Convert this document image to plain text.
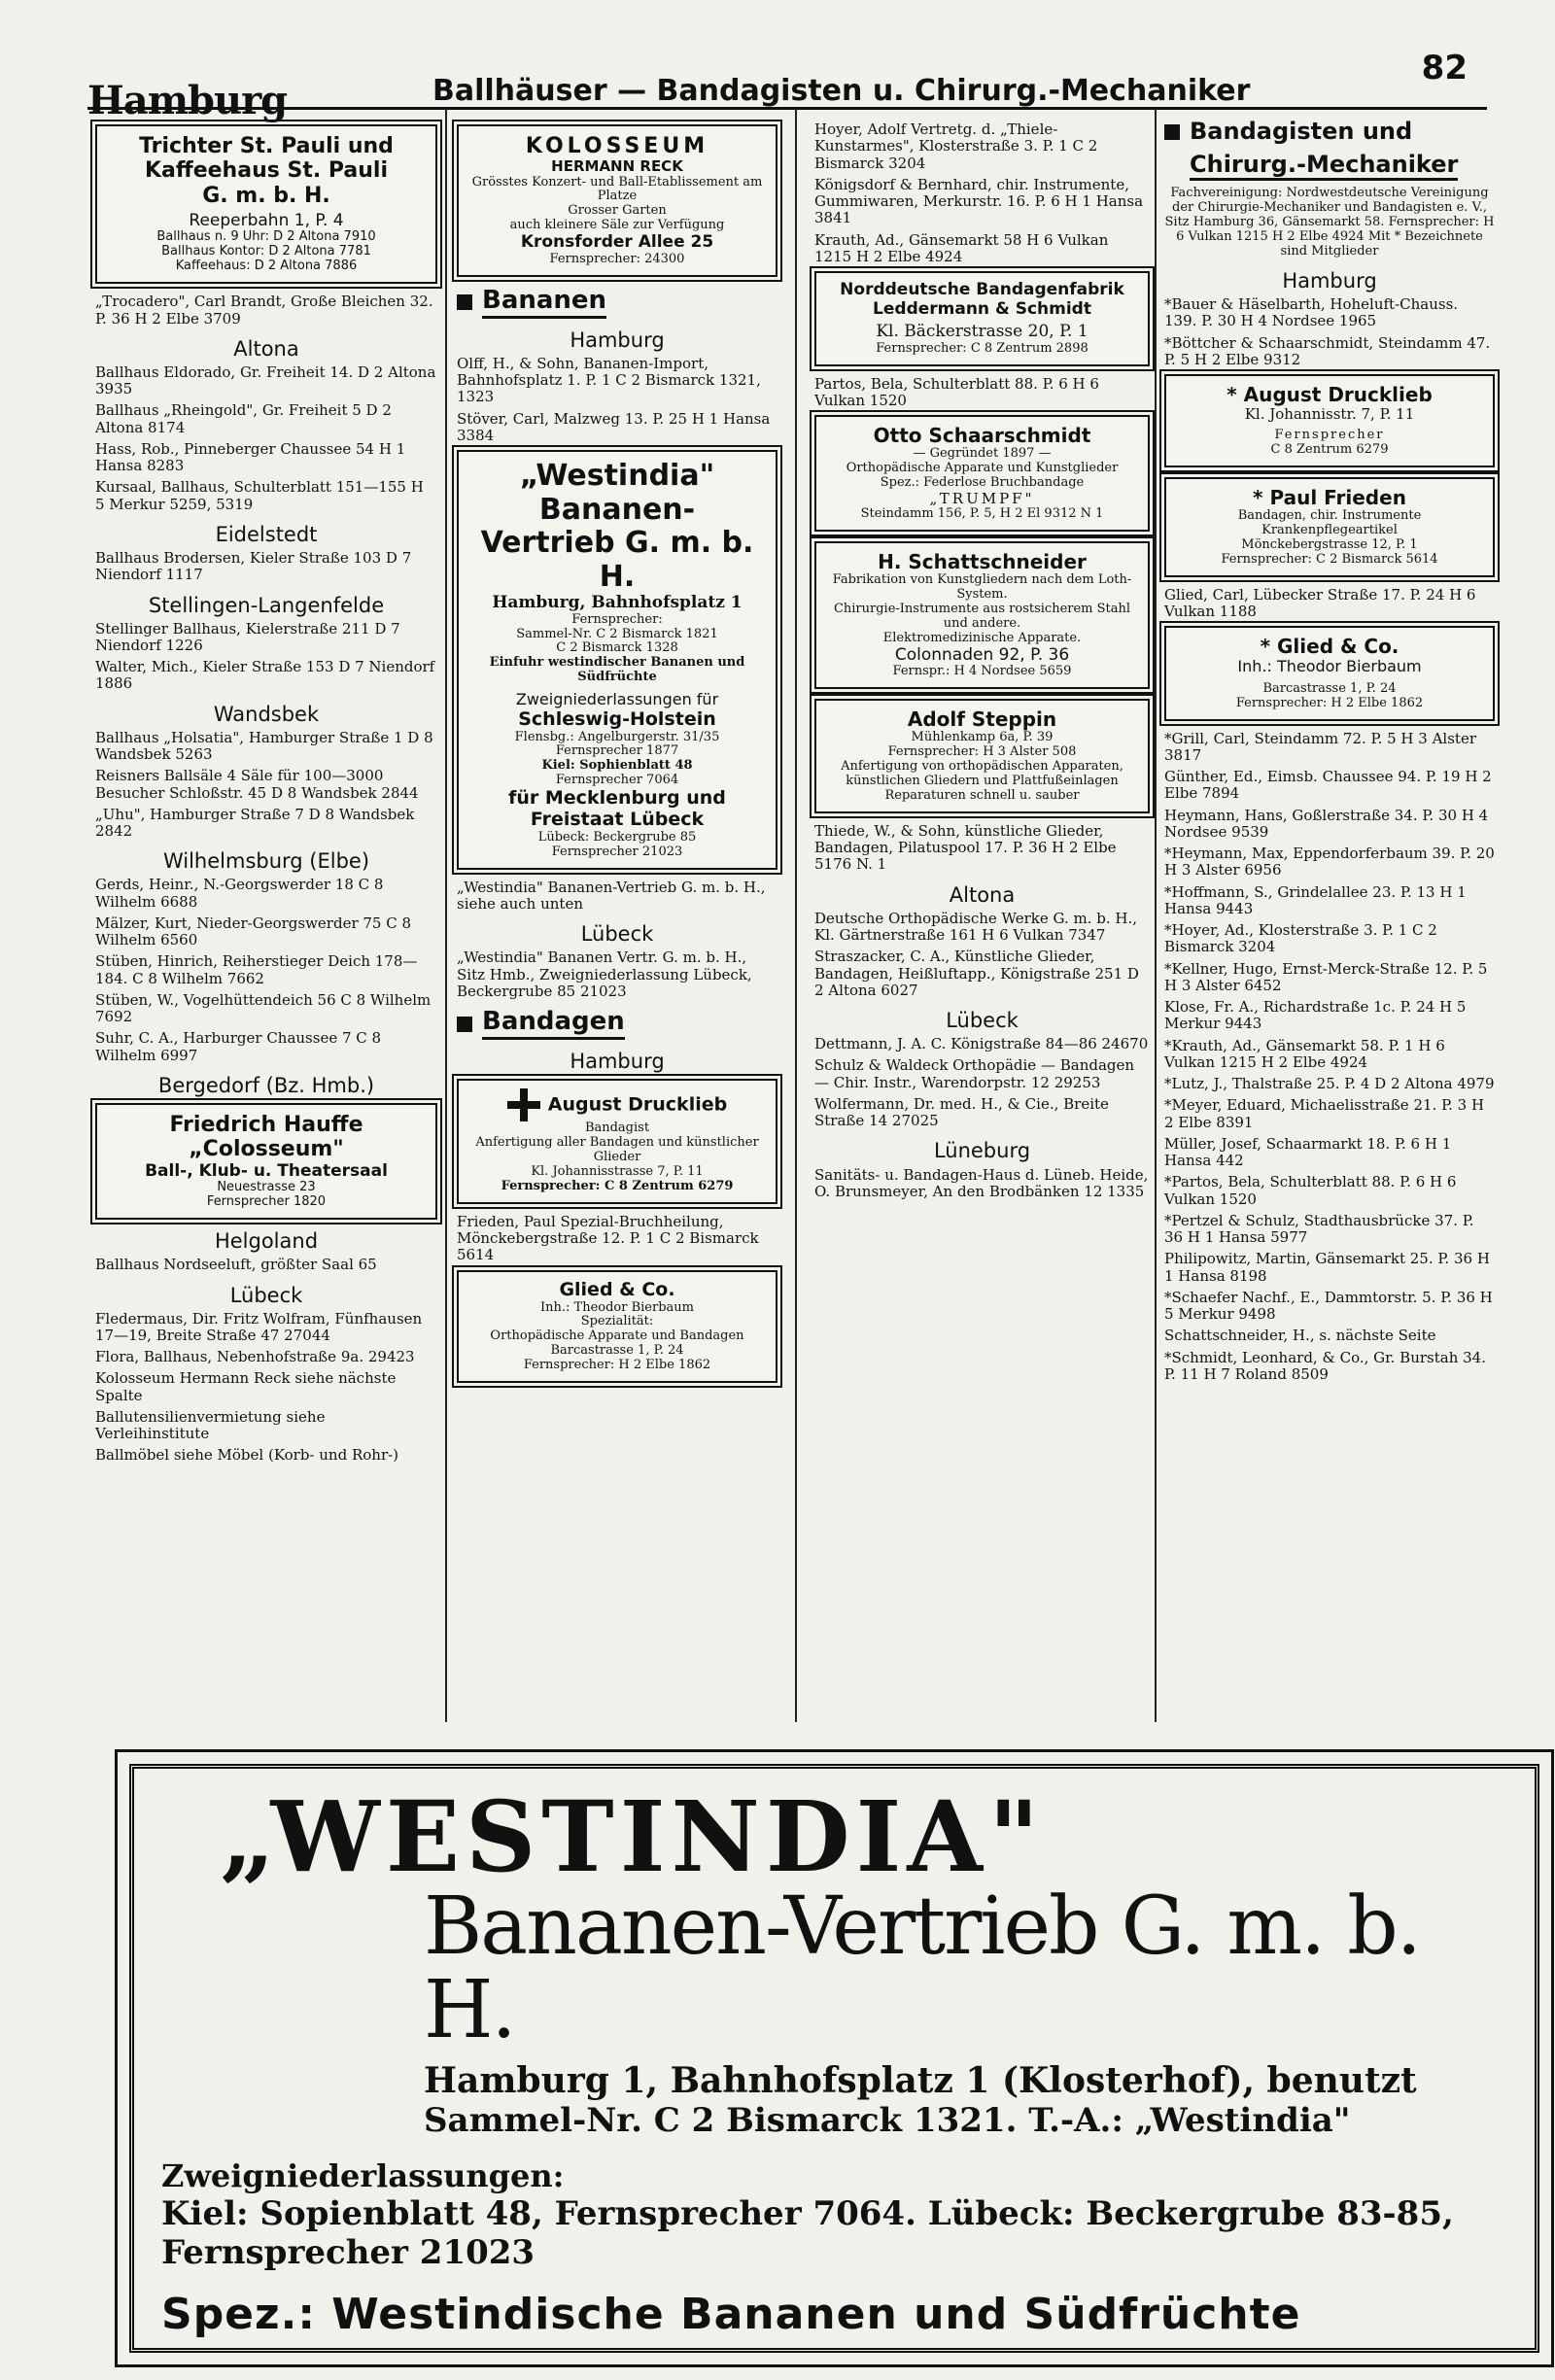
Hamburg	Ballhäuser — Bandagisten u. Chirurg.-Mechaniker
82
Trichter St. Pauli und
Kaffeehaus St. Pauli
G. m. b. H.
Reeperbahn 1, P. 4
Ballhaus n. 9 Uhr: D 2 Altona 7910
Ballhaus Kontor: D 2 Altona 7781
Kaffeehaus: D 2 Altona 7886
„Trocadero", Carl Brandt, Große Bleichen 32. P. 36 H 2 Elbe 3709
Altona
Ballhaus Eldorado, Gr. Freiheit 14. D 2 Altona 3935
Ballhaus „Rheingold", Gr. Freiheit 5 D 2 Altona 8174
Hass, Rob., Pinneberger Chaussee 54 H 1 Hansa 8283
Kursaal, Ballhaus, Schulterblatt 151—155 H 5 Merkur 5259, 5319
Eidelstedt
Ballhaus Brodersen, Kieler Straße 103 D 7 Niendorf 1117
Stellingen-Langenfelde
Stellinger Ballhaus, Kielerstraße 211 D 7 Niendorf 1226
Walter, Mich., Kieler Straße 153 D 7 Niendorf 1886
Wandsbek
Ballhaus „Holsatia", Hamburger Straße 1 D 8 Wandsbek 5263
Reisners Ballsäle 4 Säle für 100—3000 Besucher Schloßstr. 45 D 8 Wandsbek 2844
„Uhu", Hamburger Straße 7 D 8 Wandsbek 2842
Wilhelmsburg (Elbe)
Gerds, Heinr., N.-Georgswerder 18 C 8 Wilhelm 6688
Mälzer, Kurt, Nieder-Georgswerder 75 C 8 Wilhelm 6560
Stüben, Hinrich, Reiherstieger Deich 178—184. C 8 Wilhelm 7662
Stüben, W., Vogelhüttendeich 56 C 8 Wilhelm 7692
Suhr, C. A., Harburger Chaussee 7 C 8 Wilhelm 6997
Bergedorf (Bz. Hmb.)
Friedrich Hauffe
„Colosseum"
Ball-, Klub- u. Theatersaal
Neuestrasse 23
Fernsprecher 1820
Helgoland
Ballhaus Nordseeluft, größter Saal 65
Lübeck
Fledermaus, Dir. Fritz Wolfram, Fünfhausen 17—19, Breite Straße 47 27044
Flora, Ballhaus, Nebenhofstraße 9a. 29423
Kolosseum Hermann Reck siehe nächste Spalte
Ballutensilienvermietung siehe Verleihinstitute
Ballmöbel siehe Möbel (Korb- und Rohr-)
KOLOSSEUM
HERMANN RECK
Grösstes Konzert- und Ball-Etablissement am Platze
Grosser Garten
auch kleinere Säle zur Verfügung
Kronsforder Allee 25
Fernsprecher: 24300
Bananen
Hamburg
Olff, H., & Sohn, Bananen-Import, Bahnhofsplatz 1. P. 1 C 2 Bismarck 1321, 1323
Stöver, Carl, Malzweg 13. P. 25 H 1 Hansa 3384
„Westindia" Bananen-
Vertrieb G. m. b. H.
Hamburg, Bahnhofsplatz 1
Fernsprecher:
Sammel-Nr. C 2 Bismarck 1821
C 2 Bismarck 1328
Einfuhr westindischer Bananen und Südfrüchte
Zweigniederlassungen für
Schleswig-Holstein
Flensbg.: Angelburgerstr. 31/35
Fernsprecher 1877
Kiel: Sophienblatt 48
Fernsprecher 7064
für Mecklenburg und Freistaat Lübeck
Lübeck: Beckergrube 85
Fernsprecher 21023
„Westindia" Bananen-Vertrieb G. m. b. H., siehe auch unten
Lübeck
„Westindia" Bananen Vertr. G. m. b. H., Sitz Hmb., Zweigniederlassung Lübeck, Beckergrube 85 21023
Bandagen
Hamburg
August Drucklieb
Bandagist
Anfertigung aller Bandagen und künstlicher Glieder
Kl. Johannisstrasse 7, P. 11
Fernsprecher: C 8 Zentrum 6279
Frieden, Paul Spezial-Bruchheilung, Mönckebergstraße 12. P. 1 C 2 Bismarck 5614
Glied & Co.
Inh.: Theodor Bierbaum
Spezialität:
Orthopädische Apparate und Bandagen
Barcastrasse 1, P. 24
Fernsprecher: H 2 Elbe 1862
Hoyer, Adolf Vertretg. d. „Thiele-Kunstarmes", Klosterstraße 3. P. 1 C 2 Bismarck 3204
Königsdorf & Bernhard, chir. Instrumente, Gummiwaren, Merkurstr. 16. P. 6 H 1 Hansa 3841
Krauth, Ad., Gänsemarkt 58 H 6 Vulkan 1215 H 2 Elbe 4924
Norddeutsche Bandagenfabrik
Leddermann & Schmidt
Kl. Bäckerstrasse 20, P. 1
Fernsprecher: C 8 Zentrum 2898
Partos, Bela, Schulterblatt 88. P. 6 H 6 Vulkan 1520
Otto Schaarschmidt
— Gegründet 1897 —
Orthopädische Apparate und Kunstglieder
Spez.: Federlose Bruchbandage
„TRUMPF"
Steindamm 156, P. 5, H 2 El 9312 N 1
H. Schattschneider
Fabrikation von Kunstgliedern nach dem Loth-System.
Chirurgie-Instrumente aus rostsicherem Stahl und andere.
Elektromedizinische Apparate.
Colonnaden 92, P. 36
Fernspr.: H 4 Nordsee 5659
Adolf Steppin
Mühlenkamp 6a, P. 39
Fernsprecher: H 3 Alster 508
Anfertigung von orthopädischen Apparaten, künstlichen Gliedern und Plattfußeinlagen
Reparaturen schnell u. sauber
Thiede, W., & Sohn, künstliche Glieder, Bandagen, Pilatuspool 17. P. 36 H 2 Elbe 5176 N. 1
Altona
Deutsche Orthopädische Werke G. m. b. H., Kl. Gärtnerstraße 161 H 6 Vulkan 7347
Straszacker, C. A., Künstliche Glieder, Bandagen, Heißluftapp., Königstraße 251 D 2 Altona 6027
Lübeck
Dettmann, J. A. C. Königstraße 84—86 24670
Schulz & Waldeck Orthopädie — Bandagen — Chir. Instr., Warendorpstr. 12 29253
Wolfermann, Dr. med. H., & Cie., Breite Straße 14 27025
Lüneburg
Sanitäts- u. Bandagen-Haus d. Lüneb. Heide, O. Brunsmeyer, An den Brodbänken 12 1335
Bandagisten und
Chirurg.-Mechaniker
Fachvereinigung: Nordwestdeutsche Vereinigung der Chirurgie-Mechaniker und Bandagisten e. V., Sitz Hamburg 36, Gänsemarkt 58. Fernsprecher: H 6 Vulkan 1215 H 2 Elbe 4924 Mit * Bezeichnete sind Mitglieder
Hamburg
*Bauer & Häselbarth, Hoheluft-Chauss. 139. P. 30 H 4 Nordsee 1965
*Böttcher & Schaarschmidt, Steindamm 47. P. 5 H 2 Elbe 9312
* August Drucklieb
Kl. Johannisstr. 7, P. 11
Fernsprecher
C 8 Zentrum 6279
* Paul Frieden
Bandagen, chir. Instrumente
Krankenpflegeartikel
Mönckebergstrasse 12, P. 1
Fernsprecher: C 2 Bismarck 5614
Glied, Carl, Lübecker Straße 17. P. 24 H 6 Vulkan 1188
* Glied & Co.
Inh.: Theodor Bierbaum
Barcastrasse 1, P. 24
Fernsprecher: H 2 Elbe 1862
*Grill, Carl, Steindamm 72. P. 5 H 3 Alster 3817
Günther, Ed., Eimsb. Chaussee 94. P. 19 H 2 Elbe 7894
Heymann, Hans, Goßlerstraße 34. P. 30 H 4 Nordsee 9539
*Heymann, Max, Eppendorferbaum 39. P. 20 H 3 Alster 6956
*Hoffmann, S., Grindelallee 23. P. 13 H 1 Hansa 9443
*Hoyer, Ad., Klosterstraße 3. P. 1 C 2 Bismarck 3204
*Kellner, Hugo, Ernst-Merck-Straße 12. P. 5 H 3 Alster 6452
Klose, Fr. A., Richardstraße 1c. P. 24 H 5 Merkur 9443
*Krauth, Ad., Gänsemarkt 58. P. 1 H 6 Vulkan 1215 H 2 Elbe 4924
*Lutz, J., Thalstraße 25. P. 4 D 2 Altona 4979
*Meyer, Eduard, Michaelisstraße 21. P. 3 H 2 Elbe 8391
Müller, Josef, Schaarmarkt 18. P. 6 H 1 Hansa 442
*Partos, Bela, Schulterblatt 88. P. 6 H 6 Vulkan 1520
*Pertzel & Schulz, Stadthausbrücke 37. P. 36 H 1 Hansa 5977
Philipowitz, Martin, Gänsemarkt 25. P. 36 H 1 Hansa 8198
*Schaefer Nachf., E., Dammtorstr. 5. P. 36 H 5 Merkur 9498
Schattschneider, H., s. nächste Seite
*Schmidt, Leonhard, & Co., Gr. Burstah 34. P. 11 H 7 Roland 8509
„WESTINDIA"
Bananen-Vertrieb G. m. b. H.
Hamburg 1, Bahnhofsplatz 1 (Klosterhof), benutzt
Sammel-Nr. C 2 Bismarck 1321. T.-A.: „Westindia"
Zweigniederlassungen:
Kiel: Sopienblatt 48, Fernsprecher 7064. Lübeck: Beckergrube 83-85, Fernsprecher 21023
Spez.: Westindische Bananen und Südfrüchte
